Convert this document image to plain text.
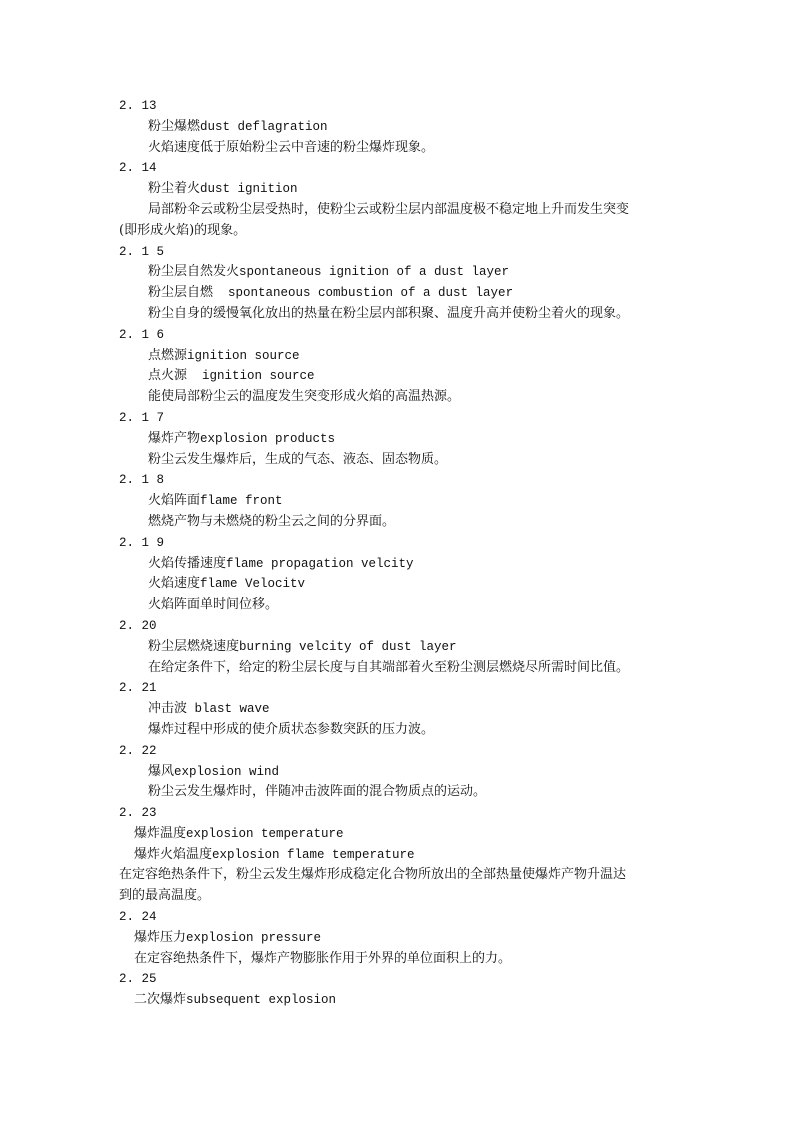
2. 13
粉尘爆燃dust deflagration
火焰速度低于原始粉尘云中音速的粉尘爆炸现象。
2. 14
粉尘着火dust ignition
局部粉伞云或粉尘层受热时，使粉尘云或粉尘层内部温度极不稳定地上升而发生突变
(即形成火焰)的现象。
2. 1 5
粉尘层自然发火spontaneous ignition of a dust layer
粉尘层自燃  spontaneous combustion of a dust layer
粉尘自身的缓慢氧化放出的热量在粉尘层内部积聚、温度升高并使粉尘着火的现象。
2. 1 6
点燃源ignition source
点火源  ignition source
能使局部粉尘云的温度发生突变形成火焰的高温热源。
2. 1 7
爆炸产物explosion products
粉尘云发生爆炸后，生成的气态、液态、固态物质。
2. 1 8
火焰阵面flame front
燃烧产物与未燃烧的粉尘云之间的分界面。
2. 1 9
火焰传播速度flame propagation velcity
火焰速度flame Velocitv
火焰阵面单时间位移。
2. 20
粉尘层燃烧速度burning velcity of dust layer
在给定条件下，给定的粉尘层长度与自其端部着火至粉尘测层燃烧尽所需时间比值。
2. 21
冲击波 blast wave
爆炸过程中形成的使介质状态参数突跃的压力波。
2. 22
爆风explosion wind
粉尘云发生爆炸时，伴随冲击波阵面的混合物质点的运动。
2. 23
爆炸温度explosion temperature
爆炸火焰温度explosion flame temperature
在定容绝热条件下，粉尘云发生爆炸形成稳定化合物所放出的全部热量使爆炸产物升温达
到的最高温度。
2. 24
爆炸压力explosion pressure
在定容绝热条件下，爆炸产物膨胀作用于外界的单位面积上的力。
2. 25
二次爆炸subsequent explosion
